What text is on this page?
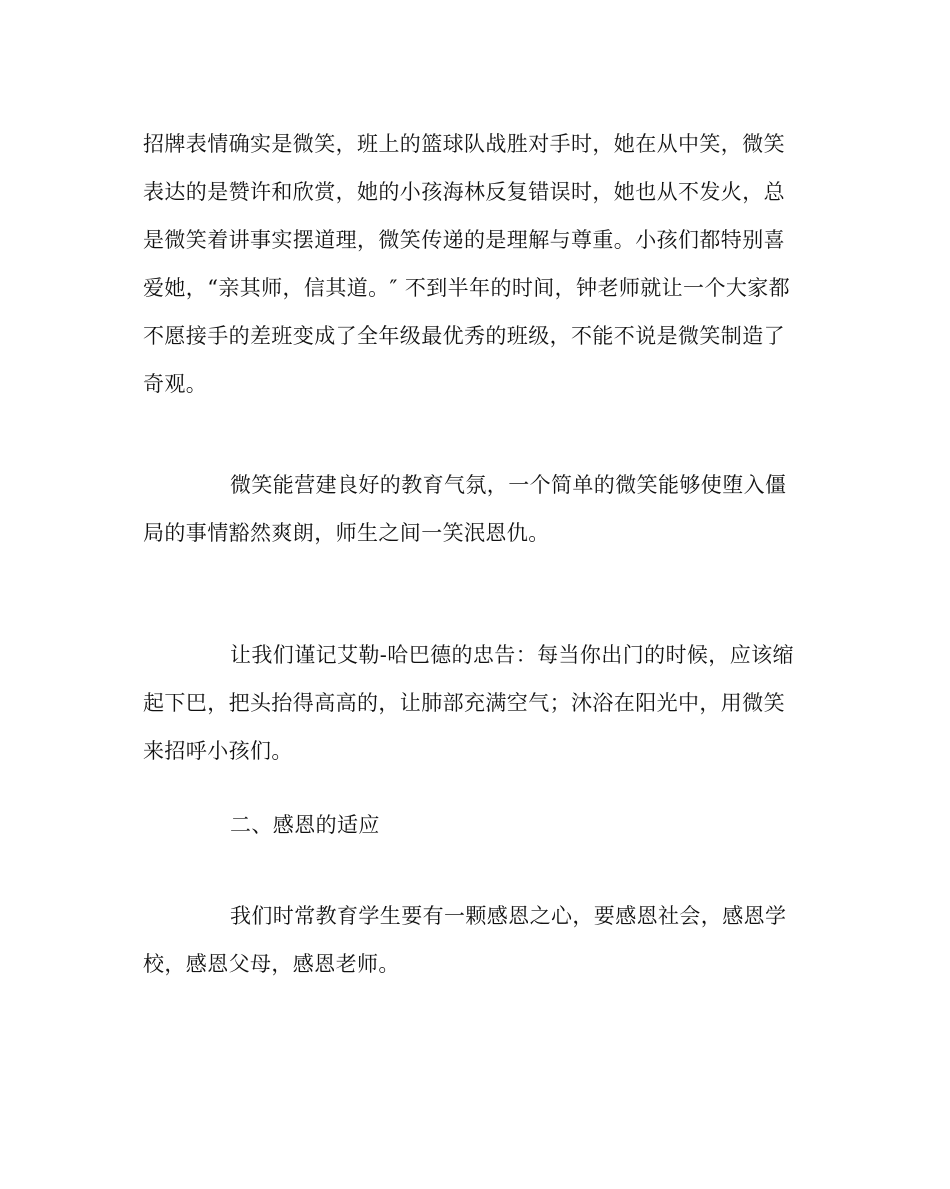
招牌表情确实是微笑，班上的篮球队战胜对手时，她在从中笑，微笑
表达的是赞许和欣赏，她的小孩海林反复错误时，她也从不发火，总
是微笑着讲事实摆道理，微笑传递的是理解与尊重。小孩们都特别喜
爱她，“亲其师，信其道。″ 不到半年的时间，钟老师就让一个大家都
不愿接手的差班变成了全年级最优秀的班级，不能不说是微笑制造了
奇观。

微笑能营建良好的教育气氛，一个简单的微笑能够使堕入僵
局的事情豁然爽朗，师生之间一笑泯恩仇。

让我们谨记艾勒-哈巴德的忠告：每当你出门的时候，应该缩
起下巴，把头抬得高高的，让肺部充满空气；沐浴在阳光中，用微笑
来招呼小孩们。

二、感恩的适应

我们时常教育学生要有一颗感恩之心，要感恩社会，感恩学
校，感恩父母，感恩老师。
